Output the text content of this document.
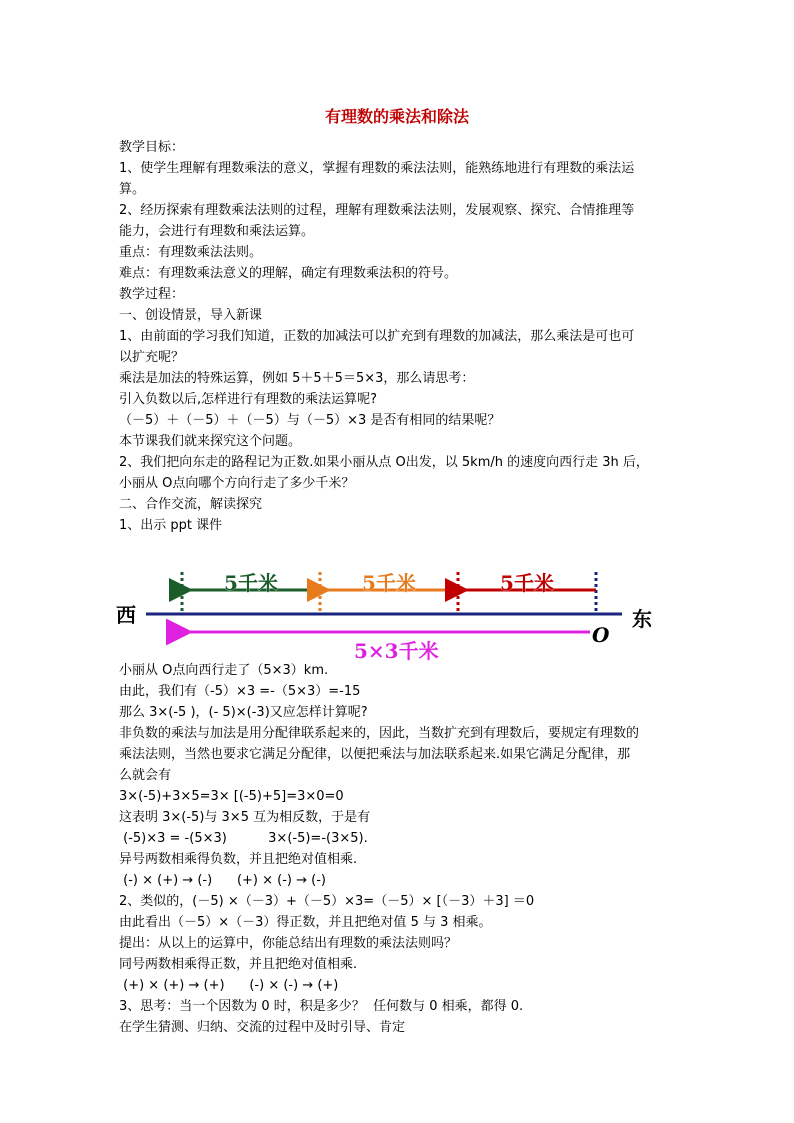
有理数的乘法和除法
教学目标：
1、使学生理解有理数乘法的意义，掌握有理数的乘法法则，能熟练地进行有理数的乘法运
算。
2、经历探索有理数乘法法则的过程，理解有理数乘法法则，发展观察、探究、合情推理等
能力，会进行有理数和乘法运算。
重点：有理数乘法法则。
难点：有理数乘法意义的理解，确定有理数乘法积的符号。
教学过程：
一、创设情景，导入新课
1、由前面的学习我们知道，正数的加减法可以扩充到有理数的加减法，那么乘法是可也可
以扩充呢？
乘法是加法的特殊运算，例如 5＋5＋5＝5×3，那么请思考：
引入负数以后,怎样进行有理数的乘法运算呢?
（－5）＋（－5）＋（－5）与（－5）×3 是否有相同的结果呢？
本节课我们就来探究这个问题。
2、我们把向东走的路程记为正数.如果小丽从点 O出发，以 5km/h 的速度向西行走 3h 后，
小丽从 O点向哪个方向行走了多少千米？
二、合作交流，解读探究
1、出示 ppt 课件
小丽从 O点向西行走了（5×3）km.
由此，我们有（-5）×3 =-（5×3）=-15
那么 3×(-5 )，(- 5)×(-3)又应怎样计算呢?
非负数的乘法与加法是用分配律联系起来的，因此，当数扩充到有理数后，要规定有理数的
乘法法则，当然也要求它满足分配律，以便把乘法与加法联系起来.如果它满足分配律，那
么就会有
3×(-5)+3×5=3× [(-5)+5]=3×0=0
这表明 3×(-5)与 3×5 互为相反数，于是有
(-5)×3 = -(5×3)          3×(-5)=-(3×5).
异号两数相乘得负数，并且把绝对值相乘.
(-) × (+) → (-)      (+) × (-) → (-)
2、类似的，(－5) ×（－3）+（－5）×3=（－5）× [（－3）＋3] ＝0
由此看出（－5）×（－3）得正数，并且把绝对值 5 与 3 相乘。
提出：从以上的运算中，你能总结出有理数的乘法法则吗？
同号两数相乘得正数，并且把绝对值相乘.
(+) × (+) → (+)      (-) × (-) → (+)
3、思考：当一个因数为 0 时，积是多少？  任何数与 0 相乘，都得 0.
在学生猜测、归纳、交流的过程中及时引导、肯定
5千米	5千米	5千米
西	东
O
5×3千米
